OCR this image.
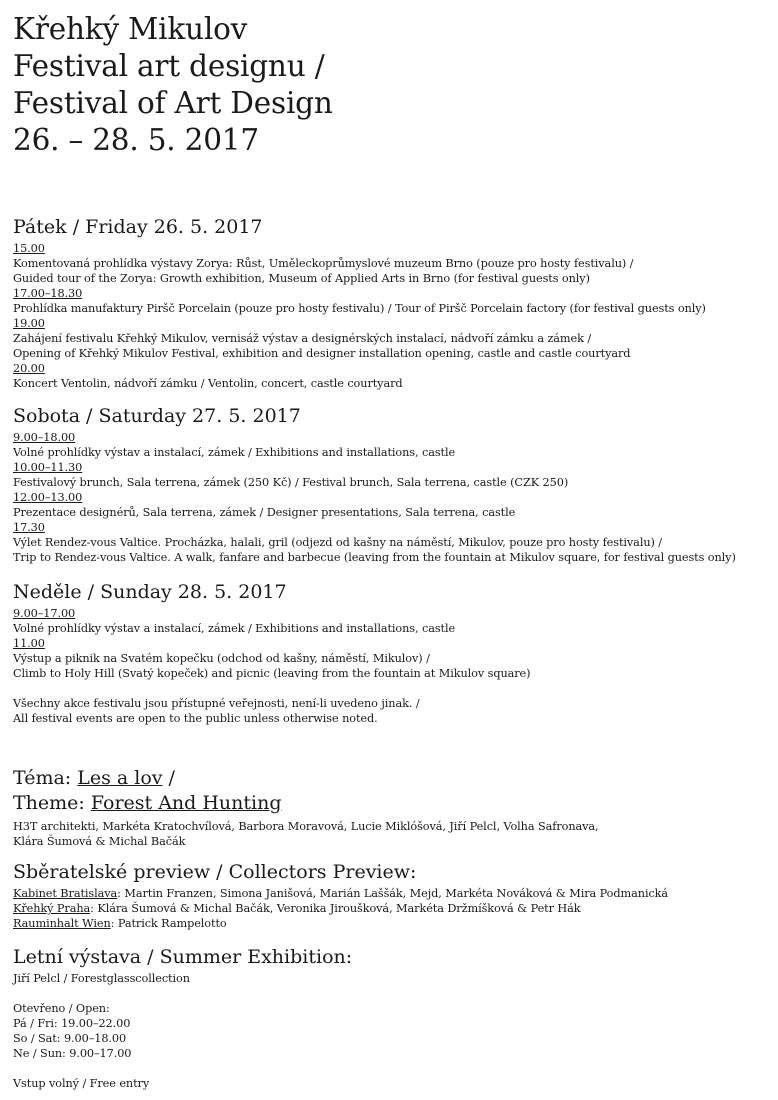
Křehký Mikulov
Festival art designu /
Festival of Art Design
26. – 28. 5. 2017
Pátek / Friday 26. 5. 2017
15.00
Komentovaná prohlídka výstavy Zorya: Růst, Uměleckoprůmyslové muzeum Brno (pouze pro hosty festivalu) /
Guided tour of the Zorya: Growth exhibition, Museum of Applied Arts in Brno (for festival guests only)
17.00–18.30
Prohlídka manufaktury Piršč Porcelain (pouze pro hosty festivalu) / Tour of Piršč Porcelain factory (for festival guests only)
19.00
Zahájení festivalu Křehký Mikulov, vernisáž výstav a designérských instalací, nádvoří zámku a zámek /
Opening of Křehký Mikulov Festival, exhibition and designer installation opening, castle and castle courtyard
20.00
Koncert Ventolin, nádvoří zámku / Ventolin, concert, castle courtyard
Sobota / Saturday 27. 5. 2017
9.00–18.00
Volné prohlídky výstav a instalací, zámek / Exhibitions and installations, castle
10.00–11.30
Festivalový brunch, Sala terrena, zámek (250 Kč) / Festival brunch, Sala terrena, castle (CZK 250)
12.00–13.00
Prezentace designérů, Sala terrena, zámek / Designer presentations, Sala terrena, castle
17.30
Výlet Rendez-vous Valtice. Procházka, halali, gril (odjezd od kašny na náměstí, Mikulov, pouze pro hosty festivalu) /
Trip to Rendez-vous Valtice. A walk, fanfare and barbecue (leaving from the fountain at Mikulov square, for festival guests only)
Neděle / Sunday 28. 5. 2017
9.00–17.00
Volné prohlídky výstav a instalací, zámek / Exhibitions and installations, castle
11.00
Výstup a piknik na Svatém kopečku (odchod od kašny, náměstí, Mikulov) /
Climb to Holy Hill (Svatý kopeček) and picnic (leaving from the fountain at Mikulov square)
Všechny akce festivalu jsou přístupné veřejnosti, není-li uvedeno jinak. /
All festival events are open to the public unless otherwise noted.
Téma: Les a lov /
Theme: Forest And Hunting
H3T architekti, Markéta Kratochvílová, Barbora Moravová, Lucie Miklóšová, Jiří Pelcl, Volha Safronava,
Klára Šumová & Michal Bačák
Sběratelské preview / Collectors Preview:
Kabinet Bratislava: Martin Franzen, Simona Janišová, Marián Laššák, Mejd, Markéta Nováková & Mira Podmanická
Křehký Praha: Klára Šumová & Michal Bačák, Veronika Jiroušková, Markéta Držmíšková & Petr Hák
Rauminhalt Wien: Patrick Rampelotto
Letní výstava / Summer Exhibition:
Jiří Pelcl / Forestglasscollection
Otevřeno / Open:
Pá / Fri: 19.00–22.00
So / Sat: 9.00–18.00
Ne / Sun: 9.00–17.00
Vstup volný / Free entry
